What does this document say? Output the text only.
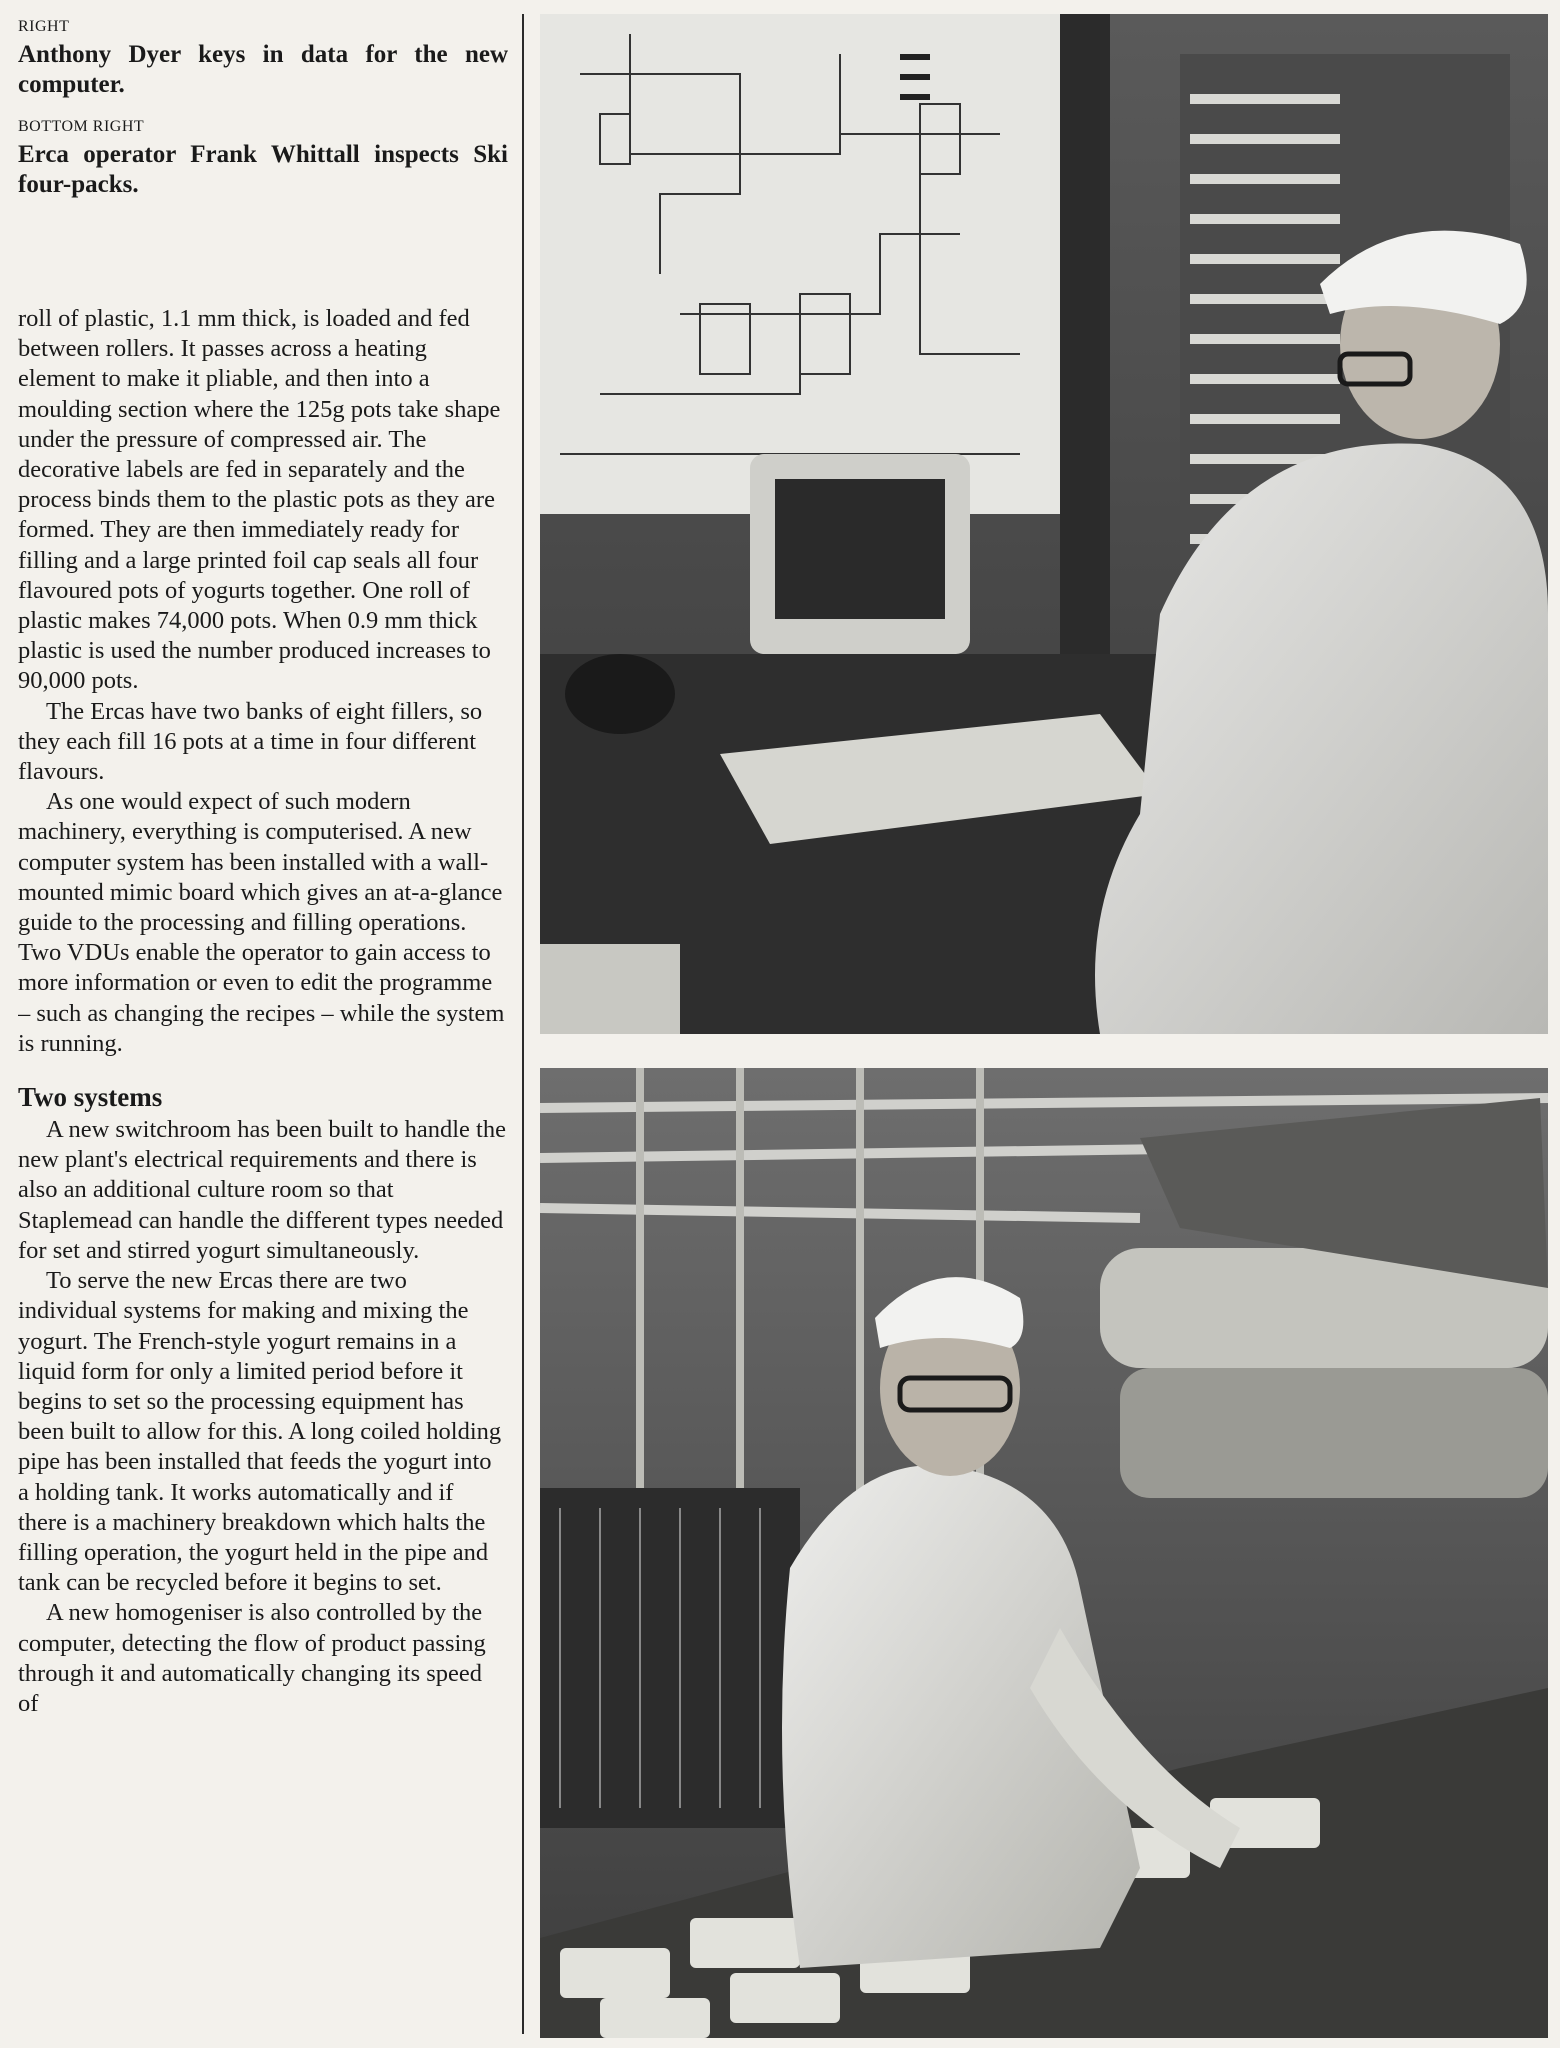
RIGHT
Anthony Dyer keys in data for the new computer.
BOTTOM RIGHT
Erca operator Frank Whittall inspects Ski four-packs.

roll of plastic, 1.1 mm thick, is loaded and fed between rollers. It passes across a heating element to make it pliable, and then into a moulding section where the 125g pots take shape under the pressure of compressed air. The decorative labels are fed in separately and the process binds them to the plastic pots as they are formed. They are then immediately ready for filling and a large printed foil cap seals all four flavoured pots of yogurts together. One roll of plastic makes 74,000 pots. When 0.9 mm thick plastic is used the number produced increases to 90,000 pots.

The Ercas have two banks of eight fillers, so they each fill 16 pots at a time in four different flavours.

As one would expect of such modern machinery, everything is computerised. A new computer system has been installed with a wall-mounted mimic board which gives an at-a-glance guide to the processing and filling operations. Two VDUs enable the operator to gain access to more information or even to edit the programme – such as changing the recipes – while the system is running.

Two systems

A new switchroom has been built to handle the new plant's electrical requirements and there is also an additional culture room so that Staplemead can handle the different types needed for set and stirred yogurt simultaneously.

To serve the new Ercas there are two individual systems for making and mixing the yogurt. The French-style yogurt remains in a liquid form for only a limited period before it begins to set so the processing equipment has been built to allow for this. A long coiled holding pipe has been installed that feeds the yogurt into a holding tank. It works automatically and if there is a machinery breakdown which halts the filling operation, the yogurt held in the pipe and tank can be recycled before it begins to set.

A new homogeniser is also controlled by the computer, detecting the flow of product passing through it and automatically changing its speed of
